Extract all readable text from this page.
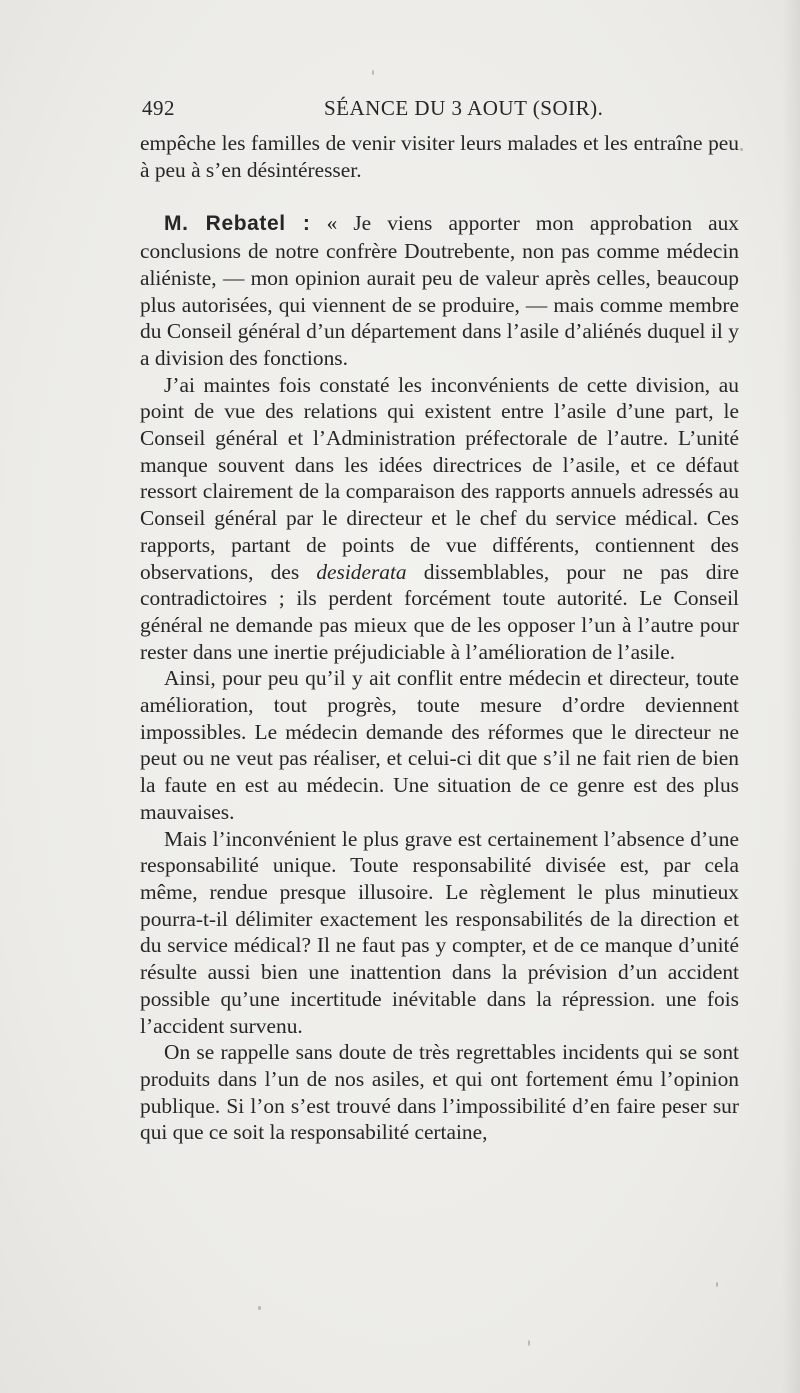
492	SÉANCE DU 3 AOUT (SOIR).

empêche les familles de venir visiter leurs malades et les entraîne peu à peu à s’en désintéresser.

M. Rebatel : « Je viens apporter mon approbation aux conclusions de notre confrère Doutrebente, non pas comme médecin aliéniste, — mon opinion aurait peu de valeur après celles, beaucoup plus autorisées, qui viennent de se produire, — mais comme membre du Conseil général d’un département dans l’asile d’aliénés duquel il y a division des fonctions.

J’ai maintes fois constaté les inconvénients de cette division, au point de vue des relations qui existent entre l’asile d’une part, le Conseil général et l’Administration préfectorale de l’autre. L’unité manque souvent dans les idées directrices de l’asile, et ce défaut ressort clairement de la comparaison des rapports annuels adressés au Conseil général par le directeur et le chef du service médical. Ces rapports, partant de points de vue différents, contiennent des observations, des desiderata dissemblables, pour ne pas dire contradictoires ; ils perdent forcément toute autorité. Le Conseil général ne demande pas mieux que de les opposer l’un à l’autre pour rester dans une inertie préjudiciable à l’amélioration de l’asile.

Ainsi, pour peu qu’il y ait conflit entre médecin et directeur, toute amélioration, tout progrès, toute mesure d’ordre deviennent impossibles. Le médecin demande des réformes que le directeur ne peut ou ne veut pas réaliser, et celui-ci dit que s’il ne fait rien de bien la faute en est au médecin. Une situation de ce genre est des plus mauvaises.

Mais l’inconvénient le plus grave est certainement l’absence d’une responsabilité unique. Toute responsabilité divisée est, par cela même, rendue presque illusoire. Le règlement le plus minutieux pourra-t-il délimiter exactement les responsabilités de la direction et du service médical? Il ne faut pas y compter, et de ce manque d’unité résulte aussi bien une inattention dans la prévision d’un accident possible qu’une incertitude inévitable dans la répression. une fois l’accident survenu.

On se rappelle sans doute de très regrettables incidents qui se sont produits dans l’un de nos asiles, et qui ont fortement ému l’opinion publique. Si l’on s’est trouvé dans l’impossibilité d’en faire peser sur qui que ce soit la responsabilité certaine,
